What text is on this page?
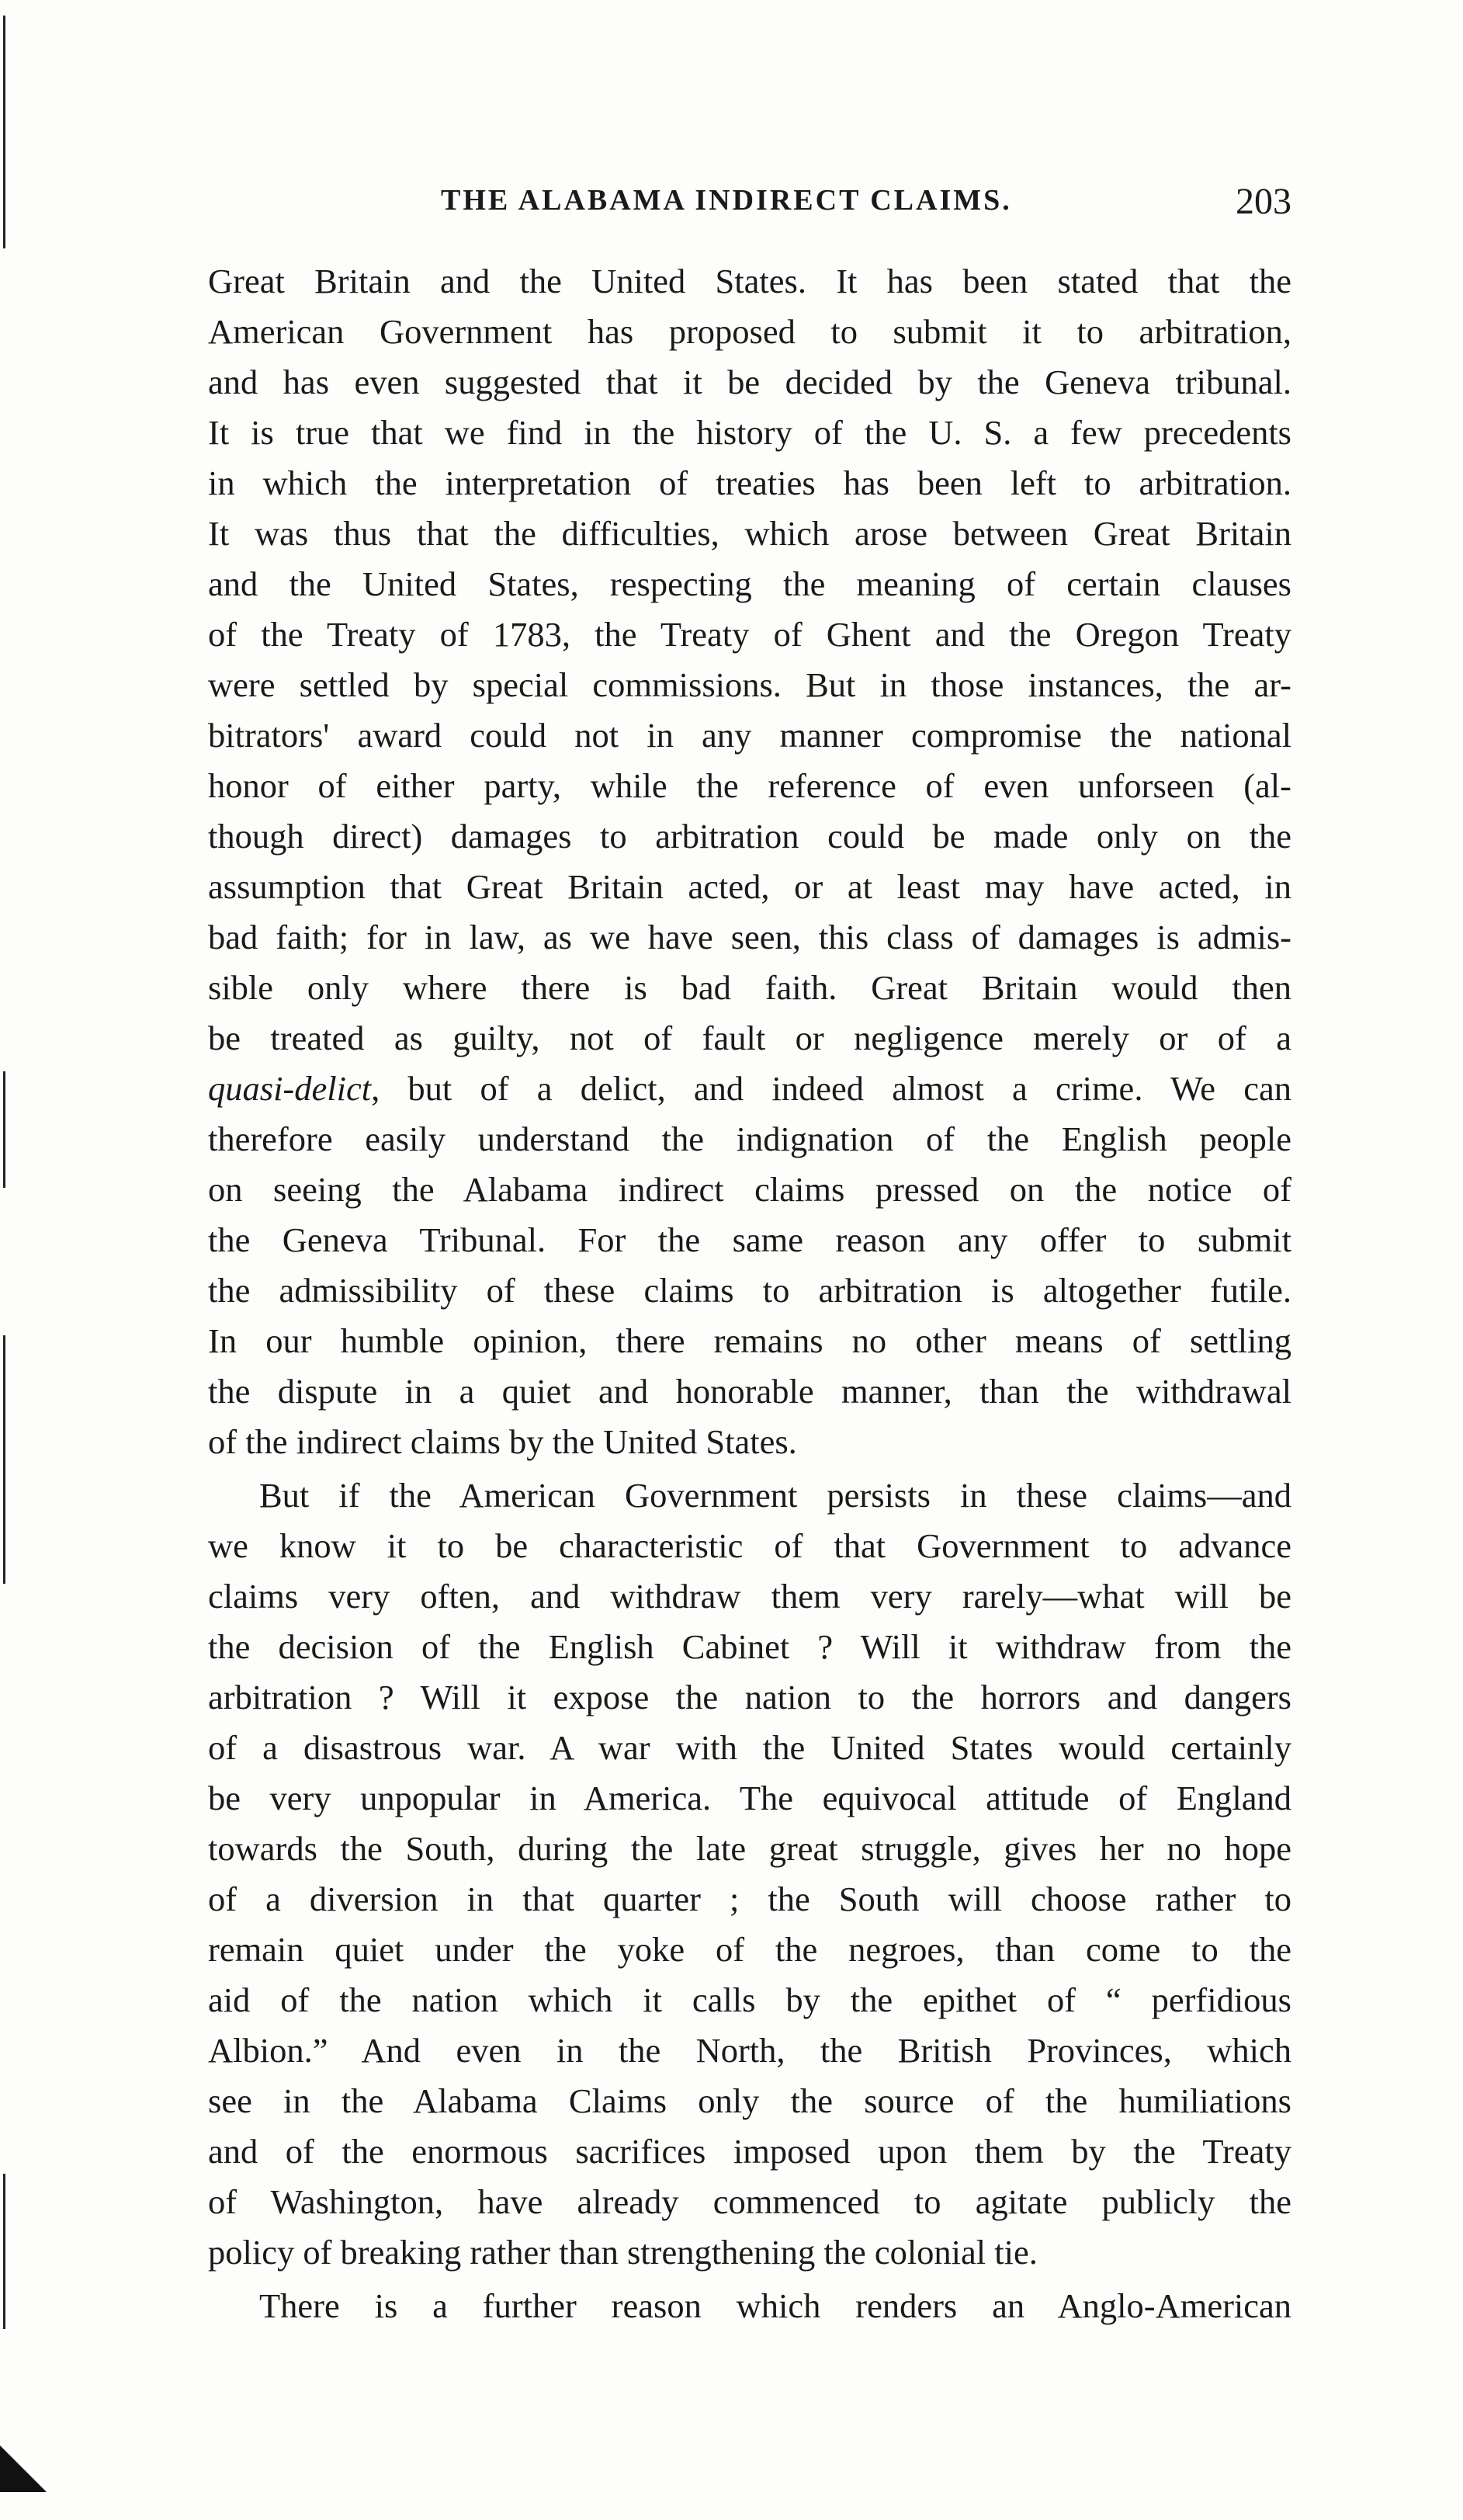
THE ALABAMA INDIRECT CLAIMS.	203
Great Britain and the United States. It has been stated that the
American Government has proposed to submit it to arbitration,
and has even suggested that it be decided by the Geneva tribunal.
It is true that we find in the history of the U. S. a few precedents
in which the interpretation of treaties has been left to arbitration.
It was thus that the difficulties, which arose between Great Britain
and the United States, respecting the meaning of certain clauses
of the Treaty of 1783, the Treaty of Ghent and the Oregon Treaty
were settled by special commissions. But in those instances, the ar-
bitrators' award could not in any manner compromise the national
honor of either party, while the reference of even unforseen (al-
though direct) damages to arbitration could be made only on the
assumption that Great Britain acted, or at least may have acted, in
bad faith; for in law, as we have seen, this class of damages is admis-
sible only where there is bad faith. Great Britain would then
be treated as guilty, not of fault or negligence merely or of a
quasi-delict, but of a delict, and indeed almost a crime. We can
therefore easily understand the indignation of the English people
on seeing the Alabama indirect claims pressed on the notice of
the Geneva Tribunal. For the same reason any offer to submit
the admissibility of these claims to arbitration is altogether futile.
In our humble opinion, there remains no other means of settling
the dispute in a quiet and honorable manner, than the withdrawal
of the indirect claims by the United States.
But if the American Government persists in these claims—and
we know it to be characteristic of that Government to advance
claims very often, and withdraw them very rarely—what will be
the decision of the English Cabinet ? Will it withdraw from the
arbitration ? Will it expose the nation to the horrors and dangers
of a disastrous war. A war with the United States would certainly
be very unpopular in America. The equivocal attitude of England
towards the South, during the late great struggle, gives her no hope
of a diversion in that quarter ; the South will choose rather to
remain quiet under the yoke of the negroes, than come to the
aid of the nation which it calls by the epithet of “ perfidious
Albion.” And even in the North, the British Provinces, which
see in the Alabama Claims only the source of the humiliations
and of the enormous sacrifices imposed upon them by the Treaty
of Washington, have already commenced to agitate publicly the
policy of breaking rather than strengthening the colonial tie.
There is a further reason which renders an Anglo-American
